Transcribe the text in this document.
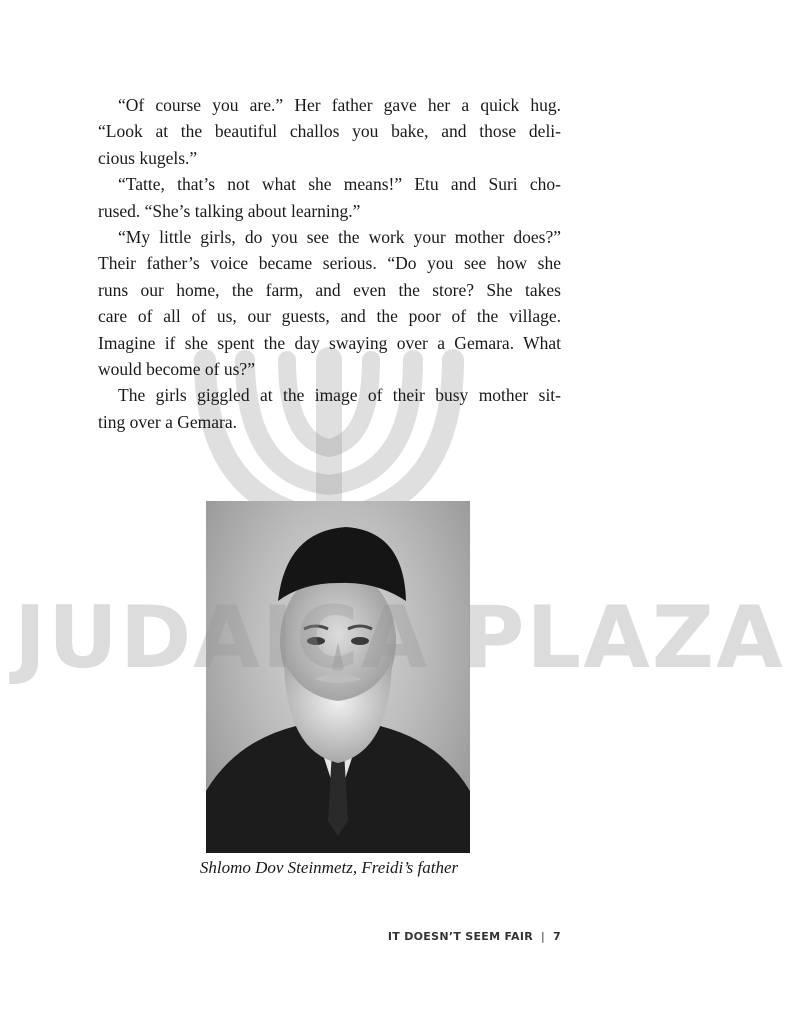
“Of course you are.” Her father gave her a quick hug.
“Look at the beautiful challos you bake, and those deli-
cious kugels.”

“Tatte, that’s not what she means!” Etu and Suri cho-
rused. “She’s talking about learning.”

“My little girls, do you see the work your mother does?”
Their father’s voice became serious. “Do you see how she
runs our home, the farm, and even the store? She takes
care of all of us, our guests, and the poor of the village.
Imagine if she spent the day swaying over a Gemara. What
would become of us?”

The girls giggled at the image of their busy mother sit-
ting over a Gemara.

JUDAICA PLAZA
Shlomo Dov Steinmetz, Freidi’s father
IT DOESN’T SEEM FAIR | 7
